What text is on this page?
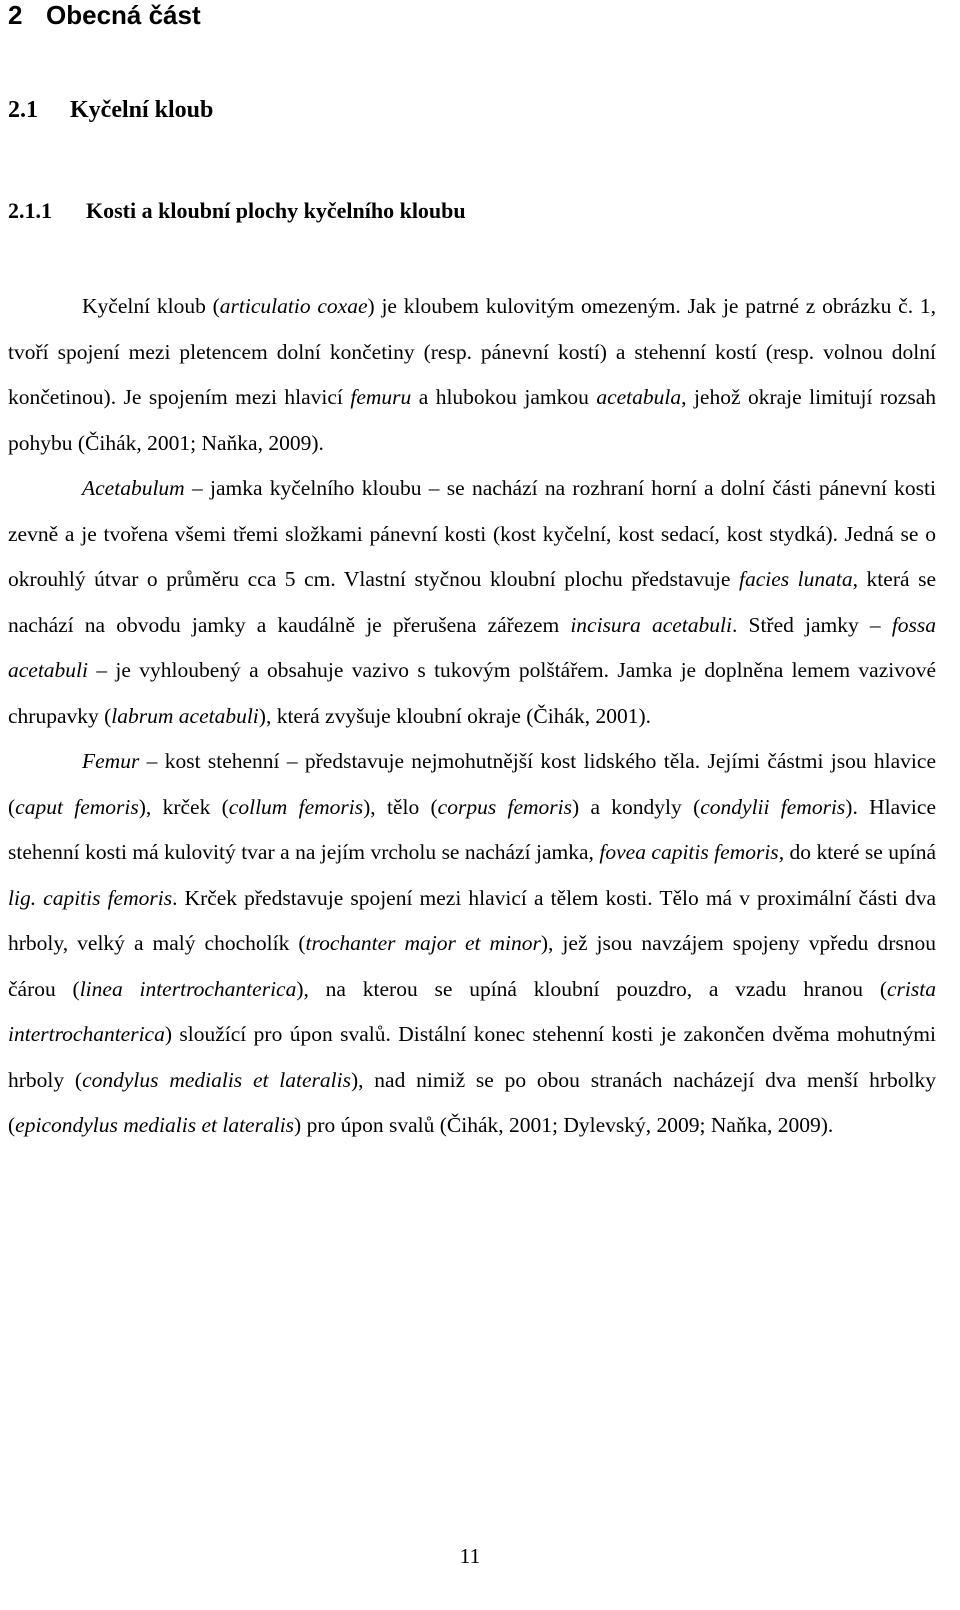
2 Obecná část
2.1 Kyčelní kloub
2.1.1 Kosti a kloubní plochy kyčelního kloubu

Kyčelní kloub (articulatio coxae) je kloubem kulovitým omezeným. Jak je patrné z obrázku č. 1, tvoří spojení mezi pletencem dolní končetiny (resp. pánevní kostí) a stehenní kostí (resp. volnou dolní končetinou). Je spojením mezi hlavicí femuru a hlubokou jamkou acetabula, jehož okraje limitují rozsah pohybu (Čihák, 2001; Naňka, 2009).

Acetabulum – jamka kyčelního kloubu – se nachází na rozhraní horní a dolní části pánevní kosti zevně a je tvořena všemi třemi složkami pánevní kosti (kost kyčelní, kost sedací, kost stydká). Jedná se o okrouhlý útvar o průměru cca 5 cm. Vlastní styčnou kloubní plochu představuje facies lunata, která se nachází na obvodu jamky a kaudálně je přerušena zářezem incisura acetabuli. Střed jamky – fossa acetabuli – je vyhloubený a obsahuje vazivo s tukovým polštářem. Jamka je doplněna lemem vazivové chrupavky (labrum acetabuli), která zvyšuje kloubní okraje (Čihák, 2001).

Femur – kost stehenní – představuje nejmohutnější kost lidského těla. Jejími částmi jsou hlavice (caput femoris), krček (collum femoris), tělo (corpus femoris) a kondyly (condylii femoris). Hlavice stehenní kosti má kulovitý tvar a na jejím vrcholu se nachází jamka, fovea capitis femoris, do které se upíná lig. capitis femoris. Krček představuje spojení mezi hlavicí a tělem kosti. Tělo má v proximální části dva hrboly, velký a malý chocholík (trochanter major et minor), jež jsou navzájem spojeny vpředu drsnou čárou (linea intertrochanterica), na kterou se upíná kloubní pouzdro, a vzadu hranou (crista intertrochanterica) sloužící pro úpon svalů. Distální konec stehenní kosti je zakončen dvěma mohutnými hrboly (condylus medialis et lateralis), nad nimiž se po obou stranách nacházejí dva menší hrbolky (epicondylus medialis et lateralis) pro úpon svalů (Čihák, 2001; Dylevský, 2009; Naňka, 2009).

11
